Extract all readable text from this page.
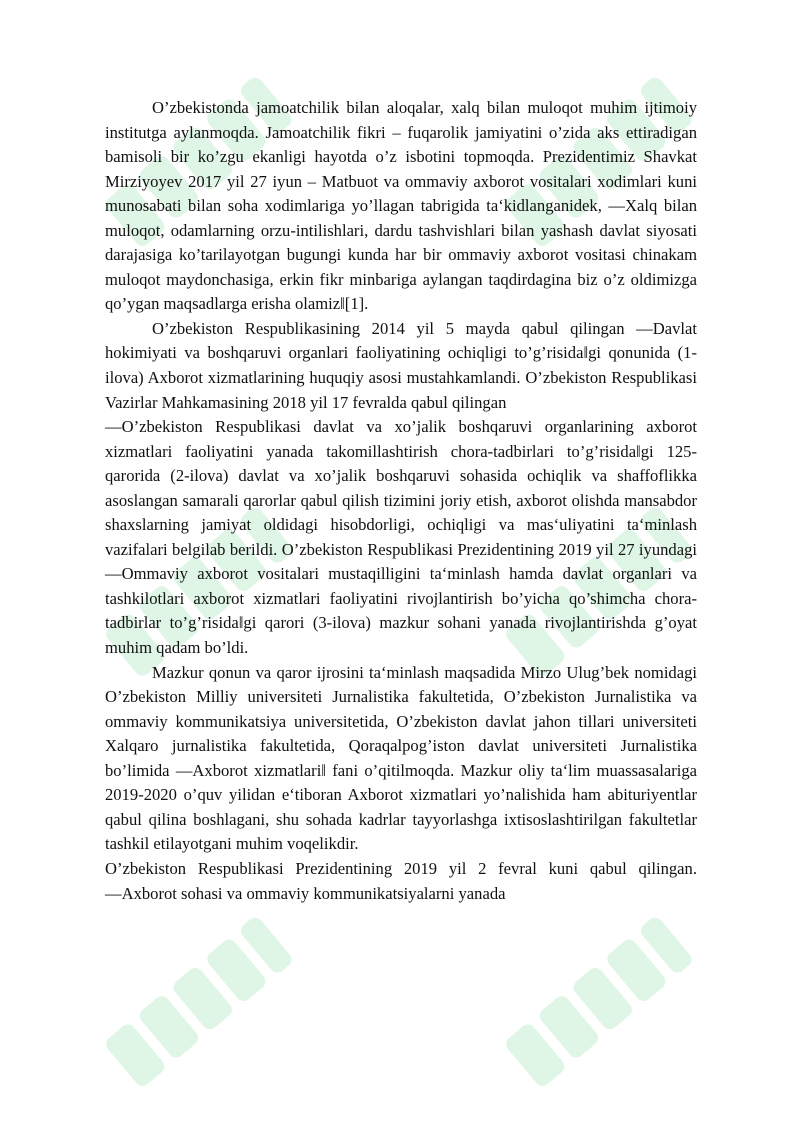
O’zbekistonda jamoatchilik bilan aloqalar, xalq bilan muloqot muhim ijtimoiy institutga aylanmoqda. Jamoatchilik fikri – fuqarolik jamiyatini o’zida aks ettiradigan bamisoli bir ko’zgu ekanligi hayotda o’z isbotini topmoqda. Prezidentimiz Shavkat Mirziyoyev 2017 yil 27 iyun – Matbuot va ommaviy axborot vositalari xodimlari kuni munosabati bilan soha xodimlariga yo’llagan tabrigida ta‘kidlanganidek, ―Xalq bilan muloqot, odamlarning orzu-intilishlari, dardu tashvishlari bilan yashash davlat siyosati darajasiga ko’tarilayotgan bugungi kunda har bir ommaviy axborot vositasi chinakam muloqot maydonchasiga, erkin fikr minbariga aylangan taqdirdagina biz o’z oldimizga qo’ygan maqsadlarga erisha olamiz‖[1].

O’zbekiston Respublikasining 2014 yil 5 mayda qabul qilingan ―Davlat hokimiyati va boshqaruvi organlari faoliyatining ochiqligi to’g’risida‖gi qonunida (1- ilova) Axborot xizmatlarining huquqiy asosi mustahkamlandi. O’zbekiston Respublikasi Vazirlar Mahkamasining 2018 yil 17 fevralda qabul qilingan

―O’zbekiston Respublikasi davlat va xo’jalik boshqaruvi organlarining axborot xizmatlari faoliyatini yanada takomillashtirish chora-tadbirlari to’g’risida‖gi 125- qarorida (2-ilova) davlat va xo’jalik boshqaruvi sohasida ochiqlik va shaffoflikka asoslangan samarali qarorlar qabul qilish tizimini joriy etish, axborot olishda mansabdor shaxslarning jamiyat oldidagi hisobdorligi, ochiqligi va mas‘uliyatini ta‘minlash vazifalari belgilab berildi. O’zbekiston Respublikasi Prezidentining 2019 yil 27 iyundagi ―Ommaviy axborot vositalari mustaqilligini ta‘minlash hamda davlat organlari va tashkilotlari axborot xizmatlari faoliyatini rivojlantirish bo’yicha qo’shimcha chora-tadbirlar to’g’risida‖gi qarori (3-ilova) mazkur sohani yanada rivojlantirishda g’oyat muhim qadam bo’ldi.

Mazkur qonun va qaror ijrosini ta‘minlash maqsadida Mirzo Ulug’bek nomidagi O’zbekiston Milliy universiteti Jurnalistika fakultetida, O’zbekiston Jurnalistika va ommaviy kommunikatsiya universitetida, O’zbekiston davlat jahon tillari universiteti Xalqaro jurnalistika fakultetida, Qoraqalpog’iston davlat universiteti Jurnalistika bo’limida ―Axborot xizmatlari‖ fani o’qitilmoqda. Mazkur oliy ta‘lim muassasalariga 2019-2020 o’quv yilidan e‘tiboran Axborot xizmatlari yo’nalishida ham abituriyentlar qabul qilina boshlagani, shu sohada kadrlar tayyorlashga ixtisoslashtirilgan fakultetlar tashkil etilayotgani muhim voqelikdir.

O’zbekiston Respublikasi Prezidentining 2019 yil 2 fevral kuni qabul qilingan. ―Axborot sohasi va ommaviy kommunikatsiyalarni yanada
